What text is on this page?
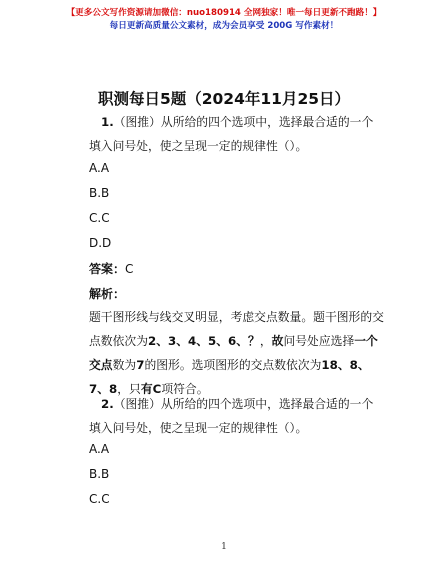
【更多公文写作资源请加微信：nuo180914 全网独家！唯一每日更新不跑路！】
每日更新高质量公文素材，成为会员享受 200G 写作素材！
职测每日5题（2024年11月25日）
1.（图推）从所给的四个选项中，选择最合适的一个填入问号处，使之呈现一定的规律性（）。
A.A
B.B
C.C
D.D
答案：C
解析：
题干图形线与线交叉明显，考虑交点数量。题干图形的交点数依次为2、3、4、5、6、？，故问号处应选择一个交点数为7的图形。选项图形的交点数依次为18、8、7、8，只有C项符合。
2.（图推）从所给的四个选项中，选择最合适的一个填入问号处，使之呈现一定的规律性（）。
A.A
B.B
C.C
1
